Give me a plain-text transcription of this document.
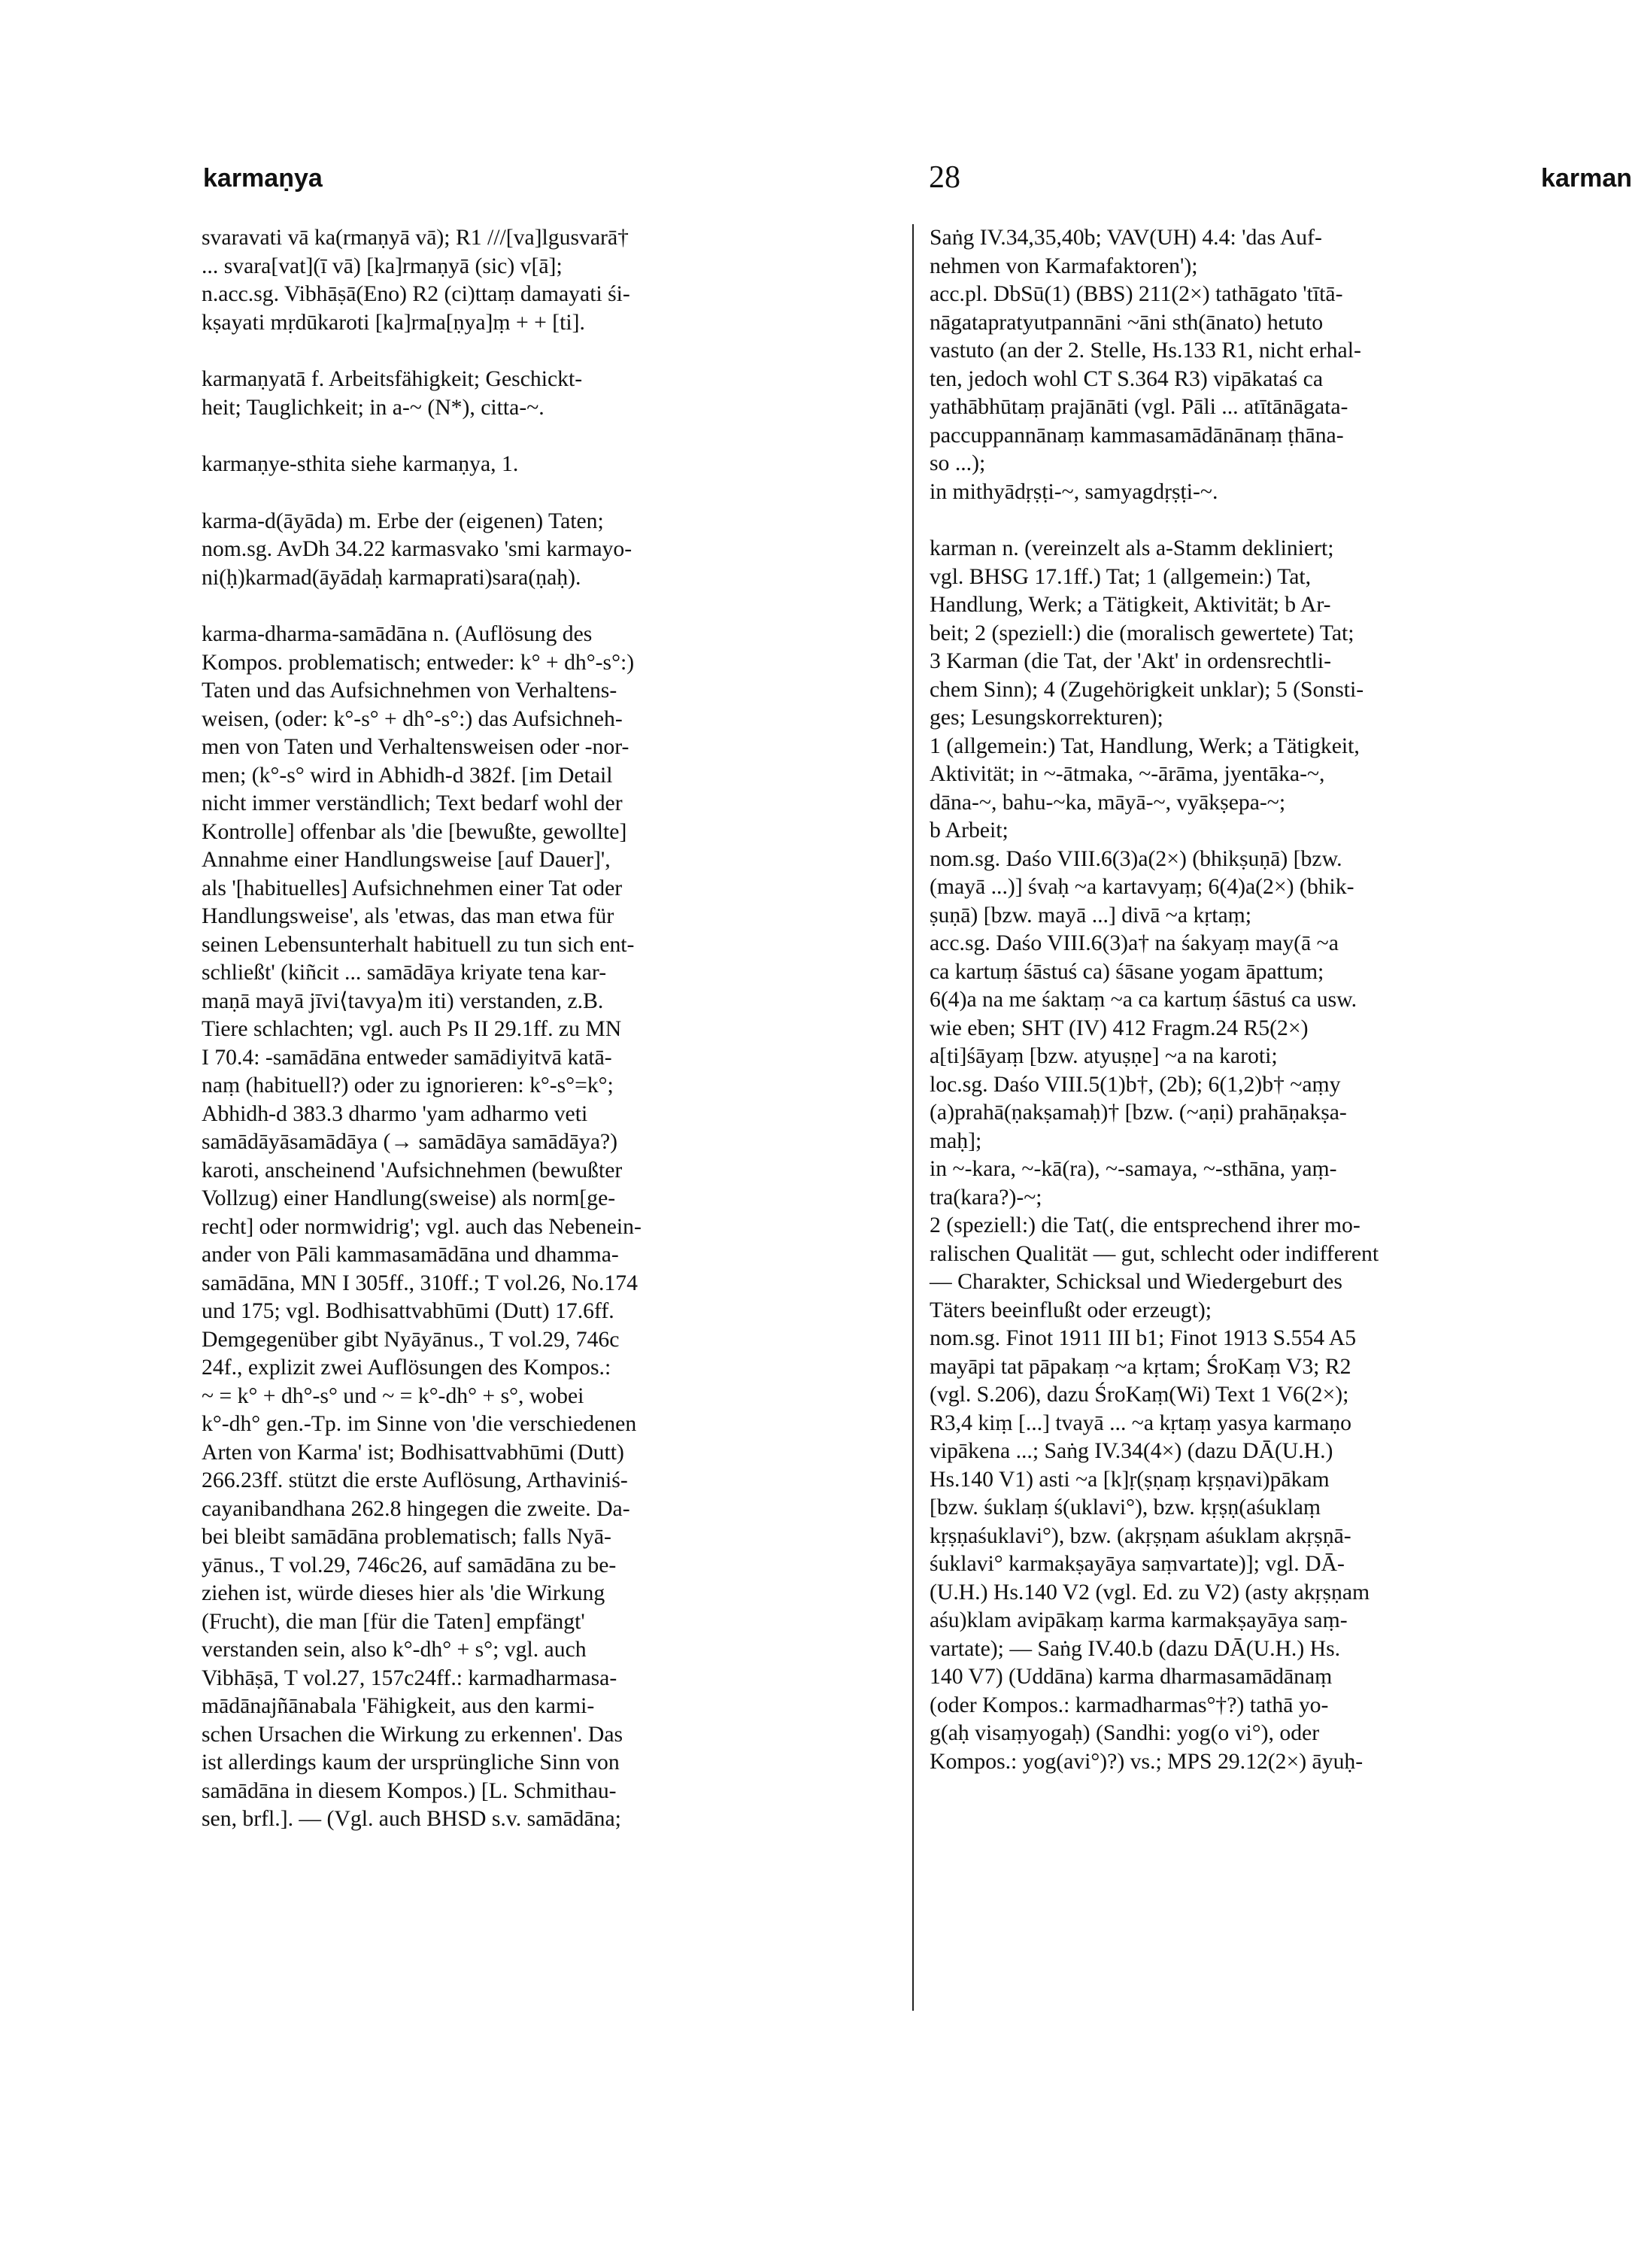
karmaṇya	28	karman
svaravati vā ka(rmaṇyā vā); R1 ///[va]lgusvarā†
... svara[vat](ī vā) [ka]rmaṇyā (sic) v[ā];
n.acc.sg. Vibhāṣā(Eno) R2 (ci)ttaṃ damayati śi-
kṣayati mṛdūkaroti [ka]rma[ṇya]ṃ + + [ti].
karmaṇyatā f. Arbeitsfähigkeit; Geschickt-
heit; Tauglichkeit; in a-~ (N*), citta-~.
karmaṇye-sthita siehe karmaṇya, 1.
karma-d(āyāda) m. Erbe der (eigenen) Taten;
nom.sg. AvDh 34.22 karmasvako 'smi karmayo-
ni(ḥ)karmad(āyādaḥ karmaprati)sara(ṇaḥ).
karma-dharma-samādāna n. (Auflösung des
Kompos. problematisch; entweder: k° + dh°-s°:)
Taten und das Aufsichnehmen von Verhaltens-
weisen, (oder: k°-s° + dh°-s°:) das Aufsichneh-
men von Taten und Verhaltensweisen oder -nor-
men; (k°-s° wird in Abhidh-d 382f. [im Detail
nicht immer verständlich; Text bedarf wohl der
Kontrolle] offenbar als 'die [bewußte, gewollte]
Annahme einer Handlungsweise [auf Dauer]',
als '[habituelles] Aufsichnehmen einer Tat oder
Handlungsweise', als 'etwas, das man etwa für
seinen Lebensunterhalt habituell zu tun sich ent-
schließt' (kiñcit ... samādāya kriyate tena kar-
maṇā mayā jīvi⟨tavya⟩m iti) verstanden, z.B.
Tiere schlachten; vgl. auch Ps II 29.1ff. zu MN
I 70.4: -samādāna entweder samādiyitvā katā-
naṃ (habituell?) oder zu ignorieren: k°-s°=k°;
Abhidh-d 383.3 dharmo 'yam adharmo veti
samādāyāsamādāya (→ samādāya samādāya?)
karoti, anscheinend 'Aufsichnehmen (bewußter
Vollzug) einer Handlung(sweise) als norm[ge-
recht] oder normwidrig'; vgl. auch das Nebenein-
ander von Pāli kammasamādāna und dhamma-
samādāna, MN I 305ff., 310ff.; T vol.26, No.174
und 175; vgl. Bodhisattvabhūmi (Dutt) 17.6ff.
Demgegenüber gibt Nyāyānus., T vol.29, 746c
24f., explizit zwei Auflösungen des Kompos.:
~ = k° + dh°-s° und ~ = k°-dh° + s°, wobei
k°-dh° gen.-Tp. im Sinne von 'die verschiedenen
Arten von Karma' ist; Bodhisattvabhūmi (Dutt)
266.23ff. stützt die erste Auflösung, Arthaviniś-
cayanibandhana 262.8 hingegen die zweite. Da-
bei bleibt samādāna problematisch; falls Nyā-
yānus., T vol.29, 746c26, auf samādāna zu be-
ziehen ist, würde dieses hier als 'die Wirkung
(Frucht), die man [für die Taten] empfängt'
verstanden sein, also k°-dh° + s°; vgl. auch
Vibhāṣā, T vol.27, 157c24ff.: karmadharmasa-
mādānajñānabala 'Fähigkeit, aus den karmi-
schen Ursachen die Wirkung zu erkennen'. Das
ist allerdings kaum der ursprüngliche Sinn von
samādāna in diesem Kompos.) [L. Schmithau-
sen, brfl.]. — (Vgl. auch BHSD s.v. samādāna;
Saṅg IV.34,35,40b; VAV(UH) 4.4: 'das Auf-
nehmen von Karmafaktoren');
acc.pl. DbSū(1) (BBS) 211(2×) tathāgato 'tītā-
nāgatapratyutpannāni ~āni sth(ānato) hetuto
vastuto (an der 2. Stelle, Hs.133 R1, nicht erhal-
ten, jedoch wohl CT S.364 R3) vipākataś ca
yathābhūtaṃ prajānāti (vgl. Pāli ... atītānāgata-
paccuppannānaṃ kammasamādānānaṃ ṭhāna-
so ...);
in mithyādṛṣṭi-~, samyagdṛṣṭi-~.
karman n. (vereinzelt als a-Stamm dekliniert;
vgl. BHSG 17.1ff.) Tat; 1 (allgemein:) Tat,
Handlung, Werk; a Tätigkeit, Aktivität; b Ar-
beit; 2 (speziell:) die (moralisch gewertete) Tat;
3 Karman (die Tat, der 'Akt' in ordensrechtli-
chem Sinn); 4 (Zugehörigkeit unklar); 5 (Sonsti-
ges; Lesungskorrekturen);
1 (allgemein:) Tat, Handlung, Werk; a Tätigkeit,
Aktivität; in ~-ātmaka, ~-ārāma, jyentāka-~,
dāna-~, bahu-~ka, māyā-~, vyākṣepa-~;
b Arbeit;
nom.sg. Daśo VIII.6(3)a(2×) (bhikṣuṇā) [bzw.
(mayā ...)] śvaḥ ~a kartavyaṃ; 6(4)a(2×) (bhik-
ṣuṇā) [bzw. mayā ...] divā ~a kṛtaṃ;
acc.sg. Daśo VIII.6(3)a† na śakyaṃ may(ā ~a
ca kartuṃ śāstuś ca) śāsane yogam āpattum;
6(4)a na me śaktaṃ ~a ca kartuṃ śāstuś ca usw.
wie eben; SHT (IV) 412 Fragm.24 R5(2×)
a[ti]śāyaṃ [bzw. atyuṣṇe] ~a na karoti;
loc.sg. Daśo VIII.5(1)b†, (2b); 6(1,2)b† ~aṃy
(a)prahā(ṇakṣamaḥ)† [bzw. (~aṇi) prahāṇakṣa-
maḥ];
in ~-kara, ~-kā(ra), ~-samaya, ~-sthāna, yaṃ-
tra(kara?)-~;
2 (speziell:) die Tat(, die entsprechend ihrer mo-
ralischen Qualität — gut, schlecht oder indifferent
— Charakter, Schicksal und Wiedergeburt des
Täters beeinflußt oder erzeugt);
nom.sg. Finot 1911 III b1; Finot 1913 S.554 A5
mayāpi tat pāpakaṃ ~a kṛtam; ŚroKaṃ V3; R2
(vgl. S.206), dazu ŚroKaṃ(Wi) Text 1 V6(2×);
R3,4 kiṃ [...] tvayā ... ~a kṛtaṃ yasya karmaṇo
vipākena ...; Saṅg IV.34(4×) (dazu DĀ(U.H.)
Hs.140 V1) asti ~a [k]ṛ(ṣṇaṃ kṛṣṇavi)pākam
[bzw. śuklaṃ ś(uklavi°), bzw. kṛṣṇ(aśuklaṃ
kṛṣṇaśuklavi°), bzw. (akṛṣṇam aśuklam akṛṣṇā-
śuklavi° karmakṣayāya saṃvartate)]; vgl. DĀ-
(U.H.) Hs.140 V2 (vgl. Ed. zu V2) (asty akṛṣṇam
aśu)klam avipākaṃ karma karmakṣayāya saṃ-
vartate); — Saṅg IV.40.b (dazu DĀ(U.H.) Hs.
140 V7) (Uddāna) karma dharmasamādānaṃ
(oder Kompos.: karmadharmas°†?) tathā yo-
g(aḥ visaṃyogaḥ) (Sandhi: yog(o vi°), oder
Kompos.: yog(avi°)?) vs.; MPS 29.12(2×) āyuḥ-
